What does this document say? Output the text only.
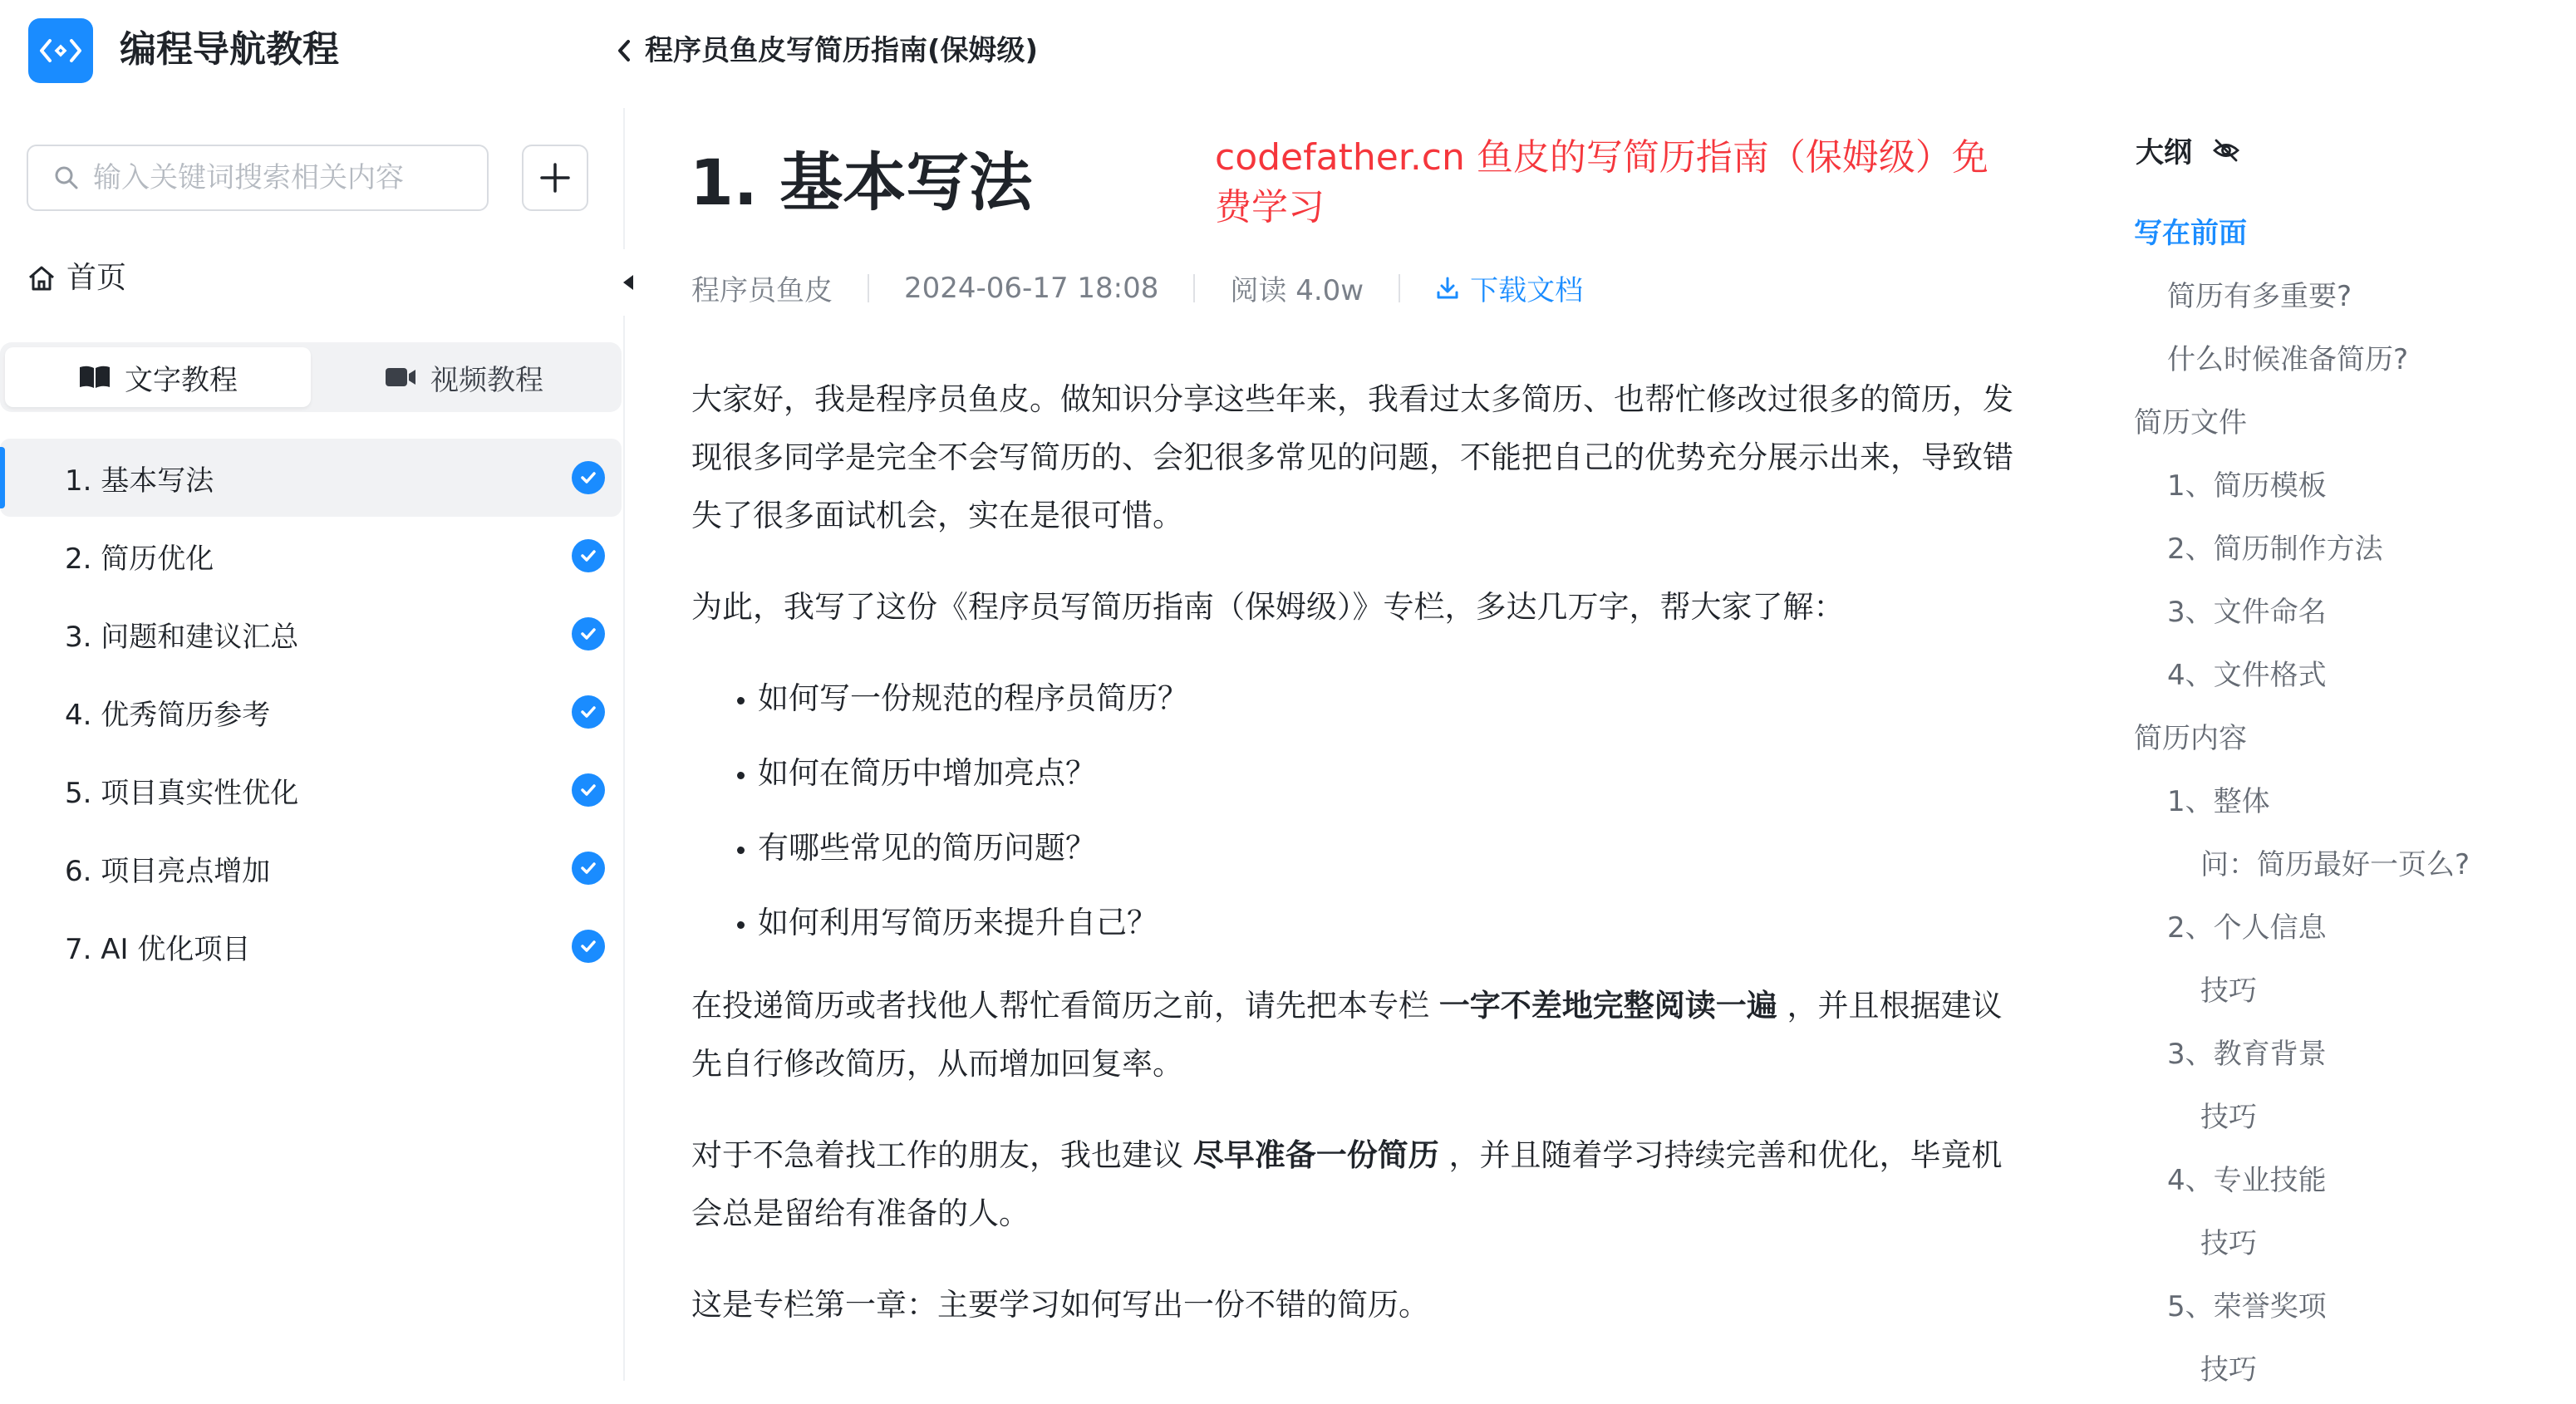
编程导航教程	程序员鱼皮写简历指南(保姆级)
输入关键词搜索相关内容
首页
文字教程	视频教程
1. 基本写法
2. 简历优化
3. 问题和建议汇总
4. 优秀简历参考
5. 项目真实性优化
6. 项目亮点增加
7. AI 优化项目
1. 基本写法	codefather.cn 鱼皮的写简历指南（保姆级）免费学习
程序员鱼皮	2024-06-17 18:08	阅读 4.0w	下载文档

大家好，我是程序员鱼皮。做知识分享这些年来，我看过太多简历、也帮忙修改过很多的简历，发现很多同学是完全不会写简历的、会犯很多常见的问题，不能把自己的优势充分展示出来，导致错失了很多面试机会，实在是很可惜。

为此，我写了这份《程序员写简历指南（保姆级）》专栏，多达几万字，帮大家了解：

• 如何写一份规范的程序员简历？
• 如何在简历中增加亮点？
• 有哪些常见的简历问题？
• 如何利用写简历来提升自己？

在投递简历或者找他人帮忙看简历之前，请先把本专栏 一字不差地完整阅读一遍 ，并且根据建议先自行修改简历，从而增加回复率。

对于不急着找工作的朋友，我也建议 尽早准备一份简历 ，并且随着学习持续完善和优化，毕竟机会总是留给有准备的人。

这是专栏第一章：主要学习如何写出一份不错的简历。

大纲
写在前面
简历有多重要?
什么时候准备简历?
简历文件
1、简历模板
2、简历制作方法
3、文件命名
4、文件格式
简历内容
1、整体
问：简历最好一页么?
2、个人信息
技巧
3、教育背景
技巧
4、专业技能
技巧
5、荣誉奖项
技巧
